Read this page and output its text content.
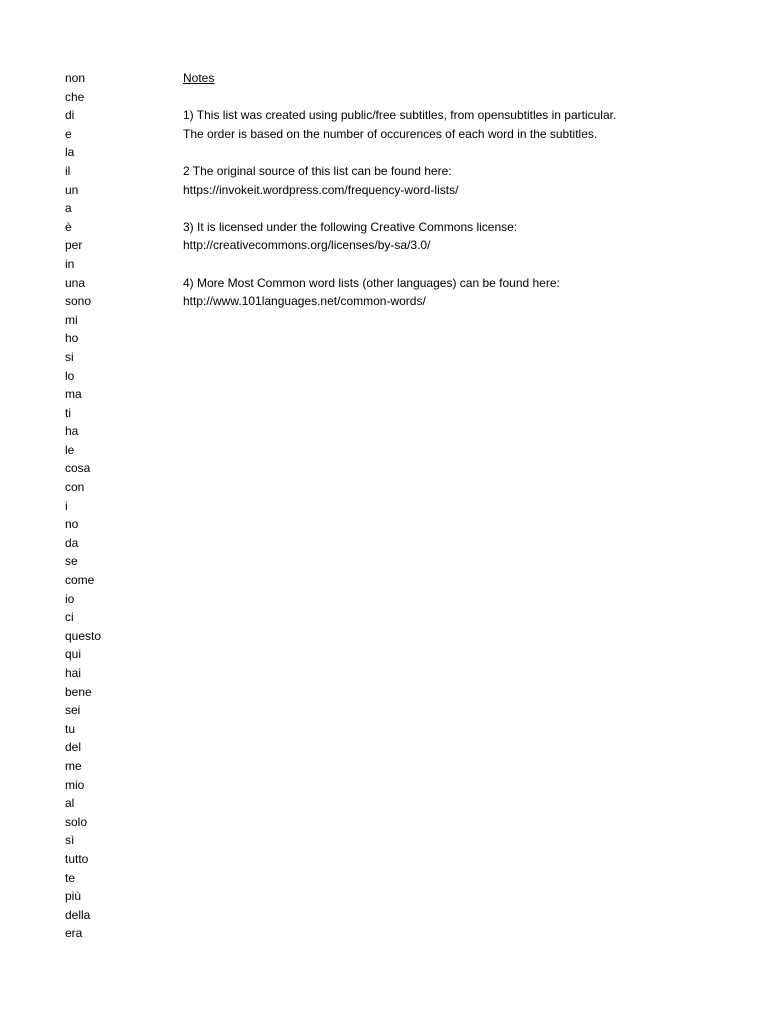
non
che
di
e
la
il
un
a
è
per
in
una
sono
mi
ho
si
lo
ma
ti
ha
le
cosa
con
i
no
da
se
come
io
ci
questo
qui
hai
bene
sei
tu
del
me
mio
al
solo
sì
tutto
te
più
della
era
Notes
1) This list was created using public/free subtitles, from opensubtitles in particular.
The order is based on the number of occurences of each word in the subtitles.
2 The original source of this list can be found here:
https://invokeit.wordpress.com/frequency-word-lists/
3) It is licensed under the following Creative Commons license:
http://creativecommons.org/licenses/by-sa/3.0/
4) More Most Common word lists (other languages) can be found here:
http://www.101languages.net/common-words/
